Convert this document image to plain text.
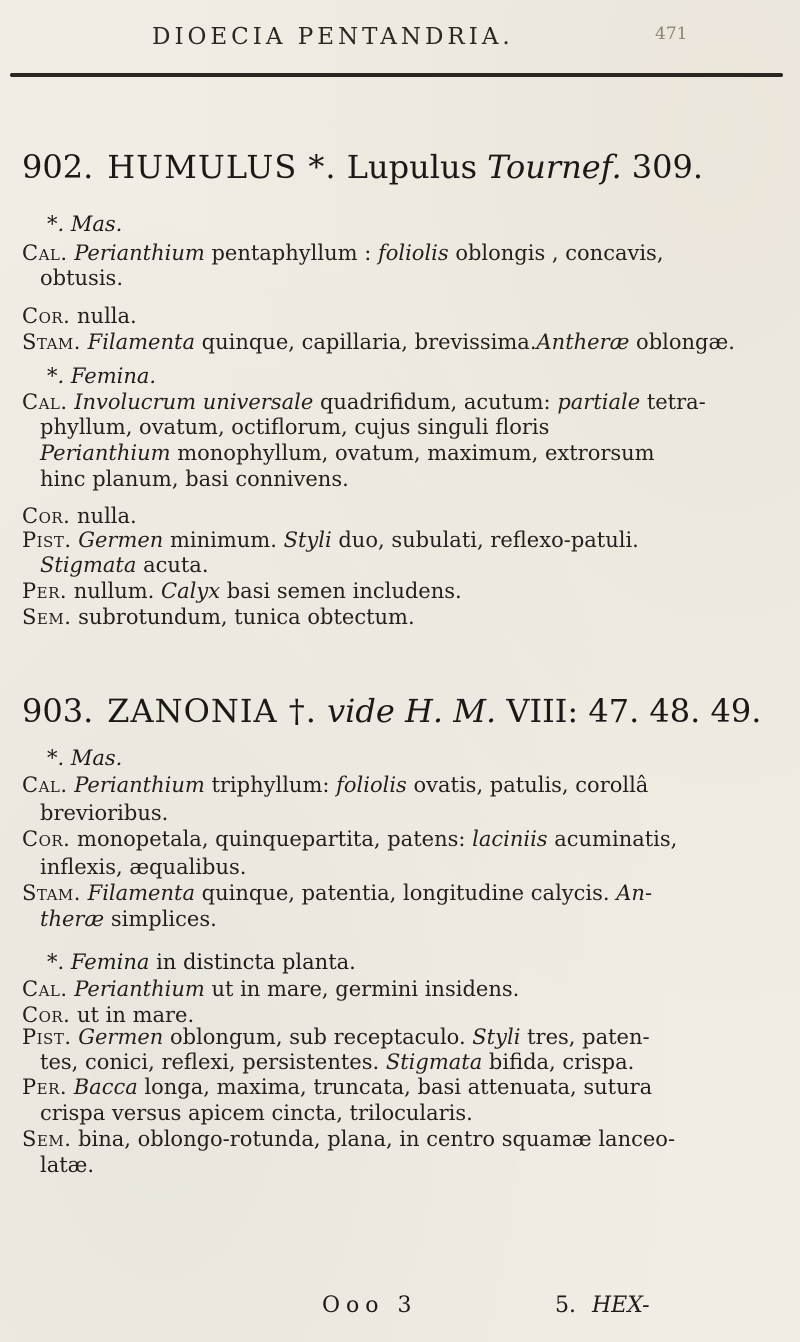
DIOECIA PENTANDRIA.	471
902. HUMULUS *. Lupulus Tournef. 309.
*. Mas.
Cal. Perianthium pentaphyllum : foliolis oblongis , concavis,
obtusis.
Cor. nulla.
Stam. Filamenta quinque, capillaria, brevissima.Antheræ oblongæ.
*. Femina.
Cal. Involucrum universale quadrifidum, acutum: partiale tetra-
phyllum, ovatum, octiflorum, cujus singuli floris
Perianthium monophyllum, ovatum, maximum, extrorsum
hinc planum, basi connivens.
Cor. nulla.
Pist. Germen minimum. Styli duo, subulati, reflexo-patuli.
Stigmata acuta.
Per. nullum. Calyx basi semen includens.
Sem. subrotundum, tunica obtectum.
903. ZANONIA †. vide H. M. VIII: 47. 48. 49.
*. Mas.
Cal. Perianthium triphyllum: foliolis ovatis, patulis, corollâ
brevioribus.
Cor. monopetala, quinquepartita, patens: laciniis acuminatis,
inflexis, æqualibus.
Stam. Filamenta quinque, patentia, longitudine calycis. An-
theræ simplices.
*. Femina in distincta planta.
Cal. Perianthium ut in mare, germini insidens.
Cor. ut in mare.
Pist. Germen oblongum, sub receptaculo. Styli tres, paten-
tes, conici, reflexi, persistentes. Stigmata bifida, crispa.
Per. Bacca longa, maxima, truncata, basi attenuata, sutura
crispa versus apicem cincta, trilocularis.
Sem. bina, oblongo-rotunda, plana, in centro squamæ lanceo-
latæ.
Ooo 3	5. HEX-
